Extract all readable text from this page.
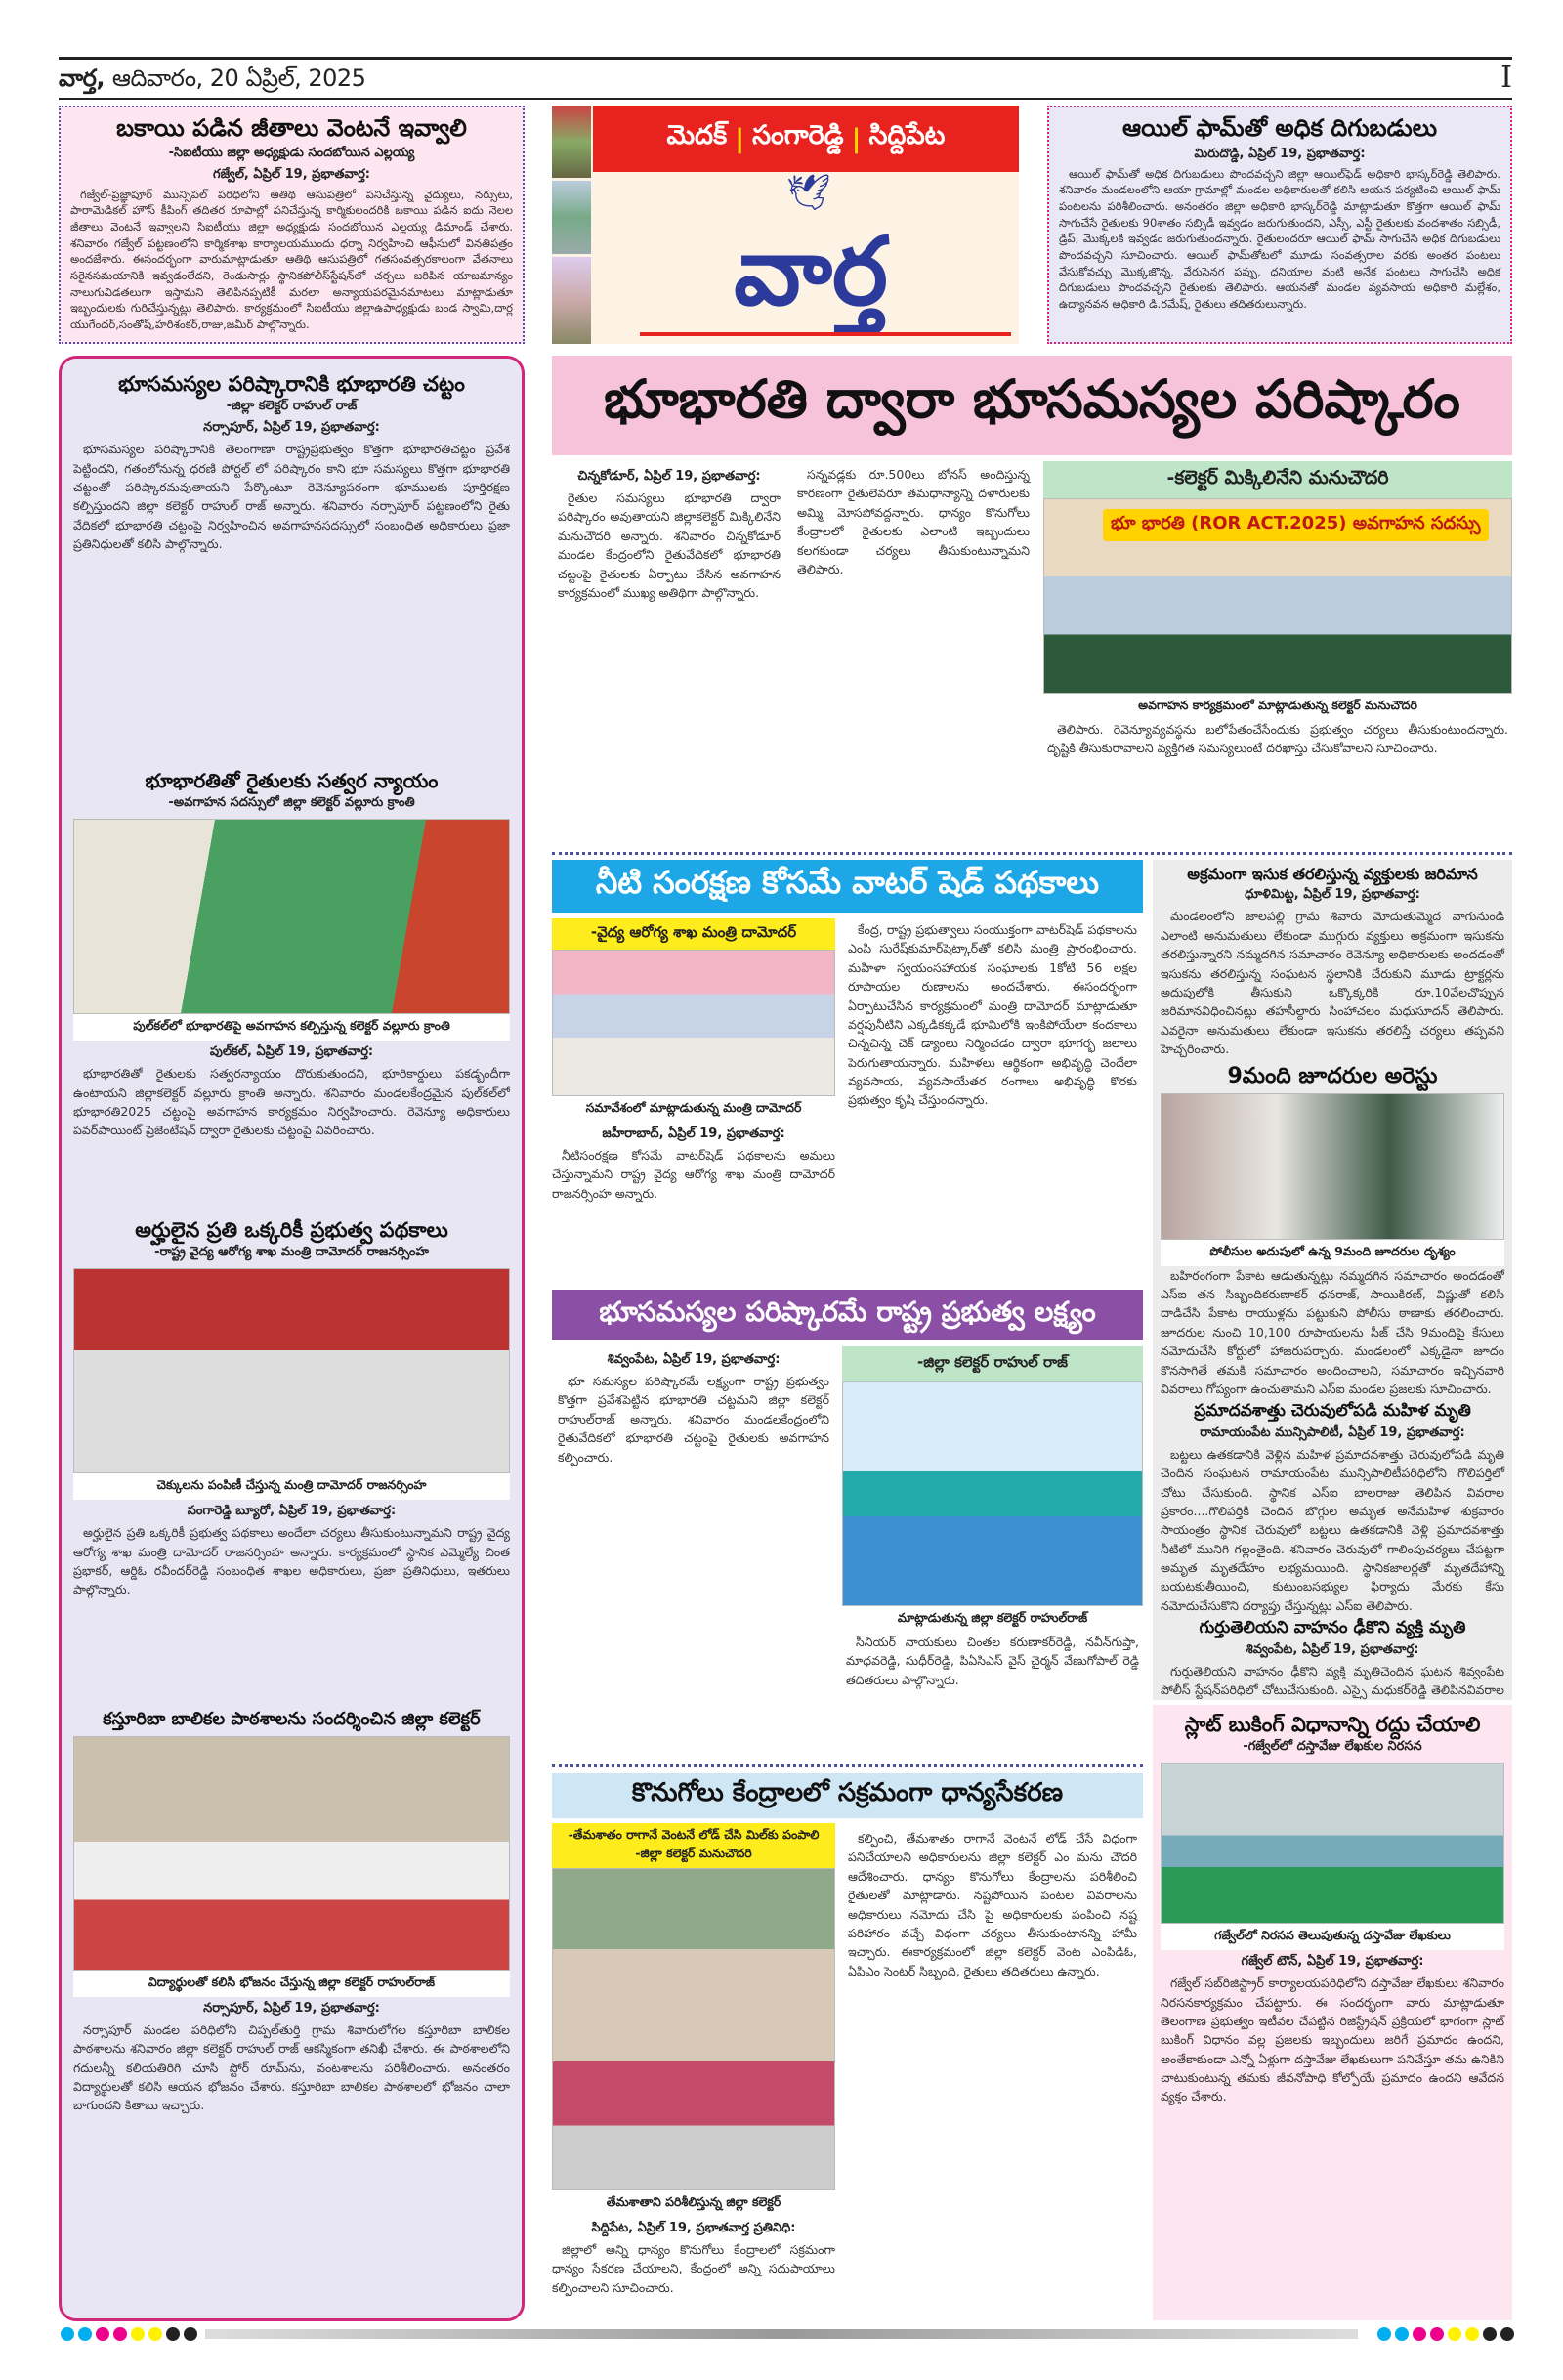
వార్త, ఆదివారం, 20 ఏప్రిల్, 2025	I
బకాయి పడిన జీతాలు వెంటనే ఇవ్వాలి
-సిఐటీయు జిల్లా అధ్యక్షుడు సందబోయిన ఎల్లయ్య
గజ్వేల్, ఏప్రిల్ 19, ప్రభాతవార్త:
గజ్వేల్-ప్రజ్ఞాపూర్ మున్సిపల్ పరిధిలోని ఆతిథి ఆసుపత్రిలో పనిచేస్తున్న వైద్యులు, నర్సులు, పారామెడికల్ హౌస్ కీపింగ్ తదితర రూపాల్లో పనిచేస్తున్న కార్మికులందరికి బకాయి పడిన ఐదు నెలల జీతాలు వెంటనే ఇవ్వాలని సిఐటీయు జిల్లా అధ్యక్షుడు సందబోయిన ఎల్లయ్య డిమాండ్ చేశారు. శనివారం గజ్వేల్ పట్టణంలోని కార్మికశాఖ కార్యాలయముందు ధర్నా నిర్వహించి ఆఫీసులో వినతిపత్రం అందజేశారు. ఈసందర్భంగా వారుమాట్లాడుతూ ఆతిథి ఆసుపత్రిలో గతసంవత్సరకాలంగా వేతనాలు సరైనసమయానికి ఇవ్వడంలేదని, రెండుసార్లు స్థానికపోలీస్‌స్టేషన్‌లో చర్చలు జరిపిన యాజమాన్యం నాలుగువిడతలుగా ఇస్తామని తెలిపినప్పటికీ మరలా అన్యాయపరమైనమాటలు మాట్లాడుతూ ఇబ్బందులకు గురిచేస్తున్నట్లు తెలిపారు. కార్యక్రమంలో సిఐటీయు జిల్లాఉపాధ్యక్షుడు బండ స్వామి,దార్ల యుగేందర్,సంతోష్,హరిశంకర్,రాజు,జమీర్ పాల్గొన్నారు.
మెదక్ | సంగారెడ్డి | సిద్దిపేట
🕊
వార్త
ఆయిల్ ఫామ్‌తో అధిక దిగుబడులు
మిరుదొడ్డి, ఏప్రిల్ 19, ప్రభాతవార్త:
ఆయిల్ ఫామ్‌తో అధిక దిగుబడులు పొందవచ్చని జిల్లా ఆయిల్‌ఫెడ్ అధికారి భాస్కర్‌రెడ్డి తెలిపారు. శనివారం మండలంలోని ఆయా గ్రామాల్లో మండల అధికారులతో కలిసి ఆయన పర్యటించి ఆయిల్ ఫామ్ పంటలను పరిశీలించారు. అనంతరం జిల్లా అధికారి భాస్కర్‌రెడ్డి మాట్లాడుతూ కొత్తగా ఆయిల్ ఫామ్ సాగుచేసే రైతులకు 90శాతం సబ్సిడీ ఇవ్వడం జరుగుతుందని, ఎస్సీ, ఎస్టీ రైతులకు వందశాతం సబ్సిడీ, డ్రిప్, మొక్కలకి ఇవ్వడం జరుగుతుందన్నారు. రైతులందరూ ఆయిల్ ఫామ్ సాగుచేసి అధిక దిగుబడులు పొందవచ్చని సూచించారు. ఆయిల్ ఫామ్‌తోటలో మూడు సంవత్సరాల వరకు అంతర పంటలు వేసుకోవచ్చు మొక్కజొన్న, వేరుసెనగ పప్పు, ధనియాల వంటి అనేక పంటలు సాగుచేసి అధిక దిగుబడులు పొందవచ్చని రైతులకు తెలిపారు. ఆయనతో మండల వ్యవసాయ అధికారి మల్లేశం, ఉద్యానవన అధికారి డి.రమేష్, రైతులు తదితరులున్నారు.
భూసమస్యల పరిష్కారానికి భూభారతి చట్టం
-జిల్లా కలెక్టర్ రాహుల్ రాజ్
నర్సాపూర్, ఏప్రిల్ 19, ప్రభాతవార్త:
భూసమస్యల పరిష్కారానికి తెలంగాణా రాష్ట్రప్రభుత్వం కొత్తగా భూభారతిచట్టం ప్రవేశ పెట్టిందని, గతంలోనున్న ధరణి పోర్టల్ లో పరిష్కారం కాని భూ సమస్యలు కొత్తగా భూభారతి చట్టంతో పరిష్కారమవుతాయని పేర్కొంటూ రెవెన్యూపరంగా భూములకు పూర్తిరక్షణ కల్పిస్తుందని జిల్లా కలెక్టర్ రాహుల్ రాజ్ అన్నారు. శనివారం నర్సాపూర్ పట్టణంలోని రైతు వేదికలో భూభారతి చట్టంపై నిర్వహించిన అవగాహనసదస్సులో సంబంధిత అధికారులు ప్రజా ప్రతినిధులతో కలిసి పాల్గొన్నారు.
భూభారతితో రైతులకు సత్వర న్యాయం
-అవగాహన సదస్సులో జిల్లా కలెక్టర్ వల్లూరు క్రాంతి
పుల్‌కల్‌లో భూభారతిపై అవగాహన కల్పిస్తున్న కలెక్టర్ వల్లూరు క్రాంతి
పుల్‌కల్, ఏప్రిల్ 19, ప్రభాతవార్త:
భూభారతితో రైతులకు సత్వరన్యాయం దొరుకుతుందని, భూరికార్డులు పకడ్బందీగా ఉంటాయని జిల్లాకలెక్టర్ వల్లూరు క్రాంతి అన్నారు. శనివారం మండలకేంద్రమైన పుల్‌కల్‌లో భూభారతి2025 చట్టంపై అవగాహన కార్యక్రమం నిర్వహించారు. రెవెన్యూ అధికారులు పవర్‌పాయింట్ ప్రెజెంటేషన్ ద్వారా రైతులకు చట్టంపై వివరించారు.
అర్హులైన ప్రతి ఒక్కరికీ ప్రభుత్వ పథకాలు
-రాష్ట్ర వైద్య ఆరోగ్య శాఖ మంత్రి దామోదర్ రాజనర్సింహ
చెక్కులను పంపిణీ చేస్తున్న మంత్రి దామోదర్ రాజనర్సింహ
సంగారెడ్డి బ్యూరో, ఏప్రిల్ 19, ప్రభాతవార్త:
అర్హులైన ప్రతి ఒక్కరికీ ప్రభుత్వ పథకాలు అందేలా చర్యలు తీసుకుంటున్నామని రాష్ట్ర వైద్య ఆరోగ్య శాఖ మంత్రి దామోదర్ రాజనర్సింహ అన్నారు. కార్యక్రమంలో స్థానిక ఎమ్మెల్యే చింత ప్రభాకర్, ఆర్డిఓ రవీందర్‌రెడ్డి సంబంధిత శాఖల అధికారులు, ప్రజా ప్రతినిధులు, ఇతరులు పాల్గొన్నారు.
కస్తూరిబా బాలికల పాఠశాలను సందర్శించిన జిల్లా కలెక్టర్
విద్యార్థులతో కలిసి భోజనం చేస్తున్న జిల్లా కలెక్టర్ రాహుల్‌రాజ్
నర్సాపూర్, ఏప్రిల్ 19, ప్రభాతవార్త:
నర్సాపూర్ మండల పరిధిలోని చిప్పల్‌తుర్తి గ్రామ శివారులోగల కస్తూరిబా బాలికల పాఠశాలను శనివారం జిల్లా కలెక్టర్ రాహుల్ రాజ్ ఆకస్మికంగా తనిఖీ చేశారు. ఈ పాఠశాలలోని గదులన్నీ కలియతిరిగి చూసి స్టోర్ రూమ్‌ను, వంటశాలను పరిశీలించారు. అనంతరం విద్యార్థులతో కలిసి ఆయన భోజనం చేశారు. కస్తూరిబా బాలికల పాఠశాలలో భోజనం చాలా బాగుందని కితాబు ఇచ్చారు.
భూభారతి ద్వారా భూసమస్యల పరిష్కారం
చిన్నకోడూర్, ఏప్రిల్ 19, ప్రభాతవార్త:
రైతుల సమస్యలు భూభారతి ద్వారా పరిష్కారం అవుతాయని జిల్లాకలెక్టర్ మిక్కిలినేని మనుచౌదరి అన్నారు. శనివారం చిన్నకోడూర్ మండల కేంద్రంలోని రైతువేదికలో భూభారతి చట్టంపై రైతులకు ఏర్పాటు చేసిన అవగాహన కార్యక్రమంలో ముఖ్య అతిథిగా పాల్గొన్నారు.
సన్నవడ్లకు రూ.500లు బోనస్ అందిస్తున్న కారణంగా రైతులెవరూ తమధాన్యాన్ని దళారులకు అమ్మి మోసపోవద్దన్నారు. ధాన్యం కొనుగోలు కేంద్రాలలో రైతులకు ఎలాంటి ఇబ్బందులు కలగకుండా చర్యలు తీసుకుంటున్నామని తెలిపారు.
-కలెక్టర్ మిక్కిలినేని మనుచౌదరి
భూ భారతి (ROR ACT.2025) అవగాహన సదస్సు
అవగాహన కార్యక్రమంలో మాట్లాడుతున్న కలెక్టర్ మనుచౌదరి
తెలిపారు. రెవెన్యూవ్యవస్థను బలోపేతంచేసేందుకు ప్రభుత్వం చర్యలు తీసుకుంటుందన్నారు. దృష్టికి తీసుకురావాలని వ్యక్తిగత సమస్యలుంటే దరఖాస్తు చేసుకోవాలని సూచించారు.
నీటి సంరక్షణ కోసమే వాటర్ షెడ్ పథకాలు
-వైద్య ఆరోగ్య శాఖ మంత్రి దామోదర్
సమావేశంలో మాట్లాడుతున్న మంత్రి దామోదర్
జహీరాబాద్, ఏప్రిల్ 19, ప్రభాతవార్త:
నీటిసంరక్షణ కోసమే వాటర్‌షెడ్ పథకాలను అమలు చేస్తున్నామని రాష్ట్ర వైద్య ఆరోగ్య శాఖ మంత్రి దామోదర్ రాజనర్సింహ అన్నారు.
కేంద్ర, రాష్ట్ర ప్రభుత్వాలు సంయుక్తంగా వాటర్‌షెడ్ పథకాలను ఎంపి సురేష్‌కుమార్‌షెట్కార్‌తో కలిసి మంత్రి ప్రారంభించారు. మహిళా స్వయంసహాయక సంఘాలకు 1కోటి 56 లక్షల రూపాయల రుణాలను అందచేశారు. ఈసందర్భంగా ఏర్పాటుచేసిన కార్యక్రమంలో మంత్రి దామోదర్ మాట్లాడుతూ వర్షపునీటిని ఎక్కడికక్కడే భూమిలోకి ఇంకిపోయేలా కందకాలు చిన్నచిన్న చెక్ డ్యాంలు నిర్మించడం ద్వారా భూగర్భ జలాలు పెరుగుతాయన్నారు. మహిళలు ఆర్థికంగా అభివృద్ధి చెందేలా వ్యవసాయ, వ్యవసాయేతర రంగాలు అభివృద్ధి కొరకు ప్రభుత్వం కృషి చేస్తుందన్నారు.
భూసమస్యల పరిష్కారమే రాష్ట్ర ప్రభుత్వ లక్ష్యం
శివ్వంపేట, ఏప్రిల్ 19, ప్రభాతవార్త:
భూ సమస్యల పరిష్కారమే లక్ష్యంగా రాష్ట్ర ప్రభుత్వం కొత్తగా ప్రవేశపెట్టిన భూభారతి చట్టమని జిల్లా కలెక్టర్ రాహుల్‌రాజ్ అన్నారు. శనివారం మండలకేంద్రంలోని రైతువేదికలో భూభారతి చట్టంపై రైతులకు అవగాహన కల్పించారు.
-జిల్లా కలెక్టర్ రాహుల్ రాజ్
మాట్లాడుతున్న జిల్లా కలెక్టర్ రాహుల్‌రాజ్
సీనియర్ నాయకులు చింతల కరుణాకర్‌రెడ్డి, నవీన్‌గుప్తా, మాధవరెడ్డి, సుధీర్‌రెడ్డి, పిఏసిఎస్ వైస్ చైర్మన్ వేణుగోపాల్ రెడ్డి తదితరులు పాల్గొన్నారు.
కొనుగోలు కేంద్రాలలో సక్రమంగా ధాన్యసేకరణ
-తేమశాతం రాగానే వెంటనే లోడ్ చేసి మిల్‌కు పంపాలి
-జిల్లా కలెక్టర్ మనుచౌదరి
తేమశాతాని పరిశీలిస్తున్న జిల్లా కలెక్టర్
సిద్దిపేట, ఏప్రిల్ 19, ప్రభాతవార్త ప్రతినిధి:
జిల్లాలో అన్ని ధాన్యం కొనుగోలు కేంద్రాలలో సక్రమంగా ధాన్యం సేకరణ చేయాలని, కేంద్రంలో అన్ని సదుపాయాలు కల్పించాలని సూచించారు.
కల్పించి, తేమశాతం రాగానే వెంటనే లోడ్ చేసే విధంగా పనిచేయాలని అధికారులను జిల్లా కలెక్టర్ ఎం మను చౌదరి ఆదేశించారు. ధాన్యం కొనుగోలు కేంద్రాలను పరిశీలించి రైతులతో మాట్లాడారు. నష్టపోయిన పంటల వివరాలను అధికారులు నమోదు చేసి పై అధికారులకు పంపించి నష్ట పరిహారం వచ్చే విధంగా చర్యలు తీసుకుంటానన్ని హామీ ఇచ్చారు. ఈకార్యక్రమంలో జిల్లా కలెక్టర్ వెంట ఎంపిడిఓ, ఏపిఎం సెంటర్ సిబ్బంది, రైతులు తదితరులు ఉన్నారు.
అక్రమంగా ఇసుక తరలిస్తున్న వ్యక్తులకు జరిమాన
ధూళిమిట్ట, ఏప్రిల్ 19, ప్రభాతవార్త:
మండలంలోని జాలపల్లి గ్రామ శివారు మోదుతుమ్మెద వాగునుండి ఎలాంటి అనుమతులు లేకుండా ముగ్గురు వ్యక్తులు అక్రమంగా ఇసుకను తరలిస్తున్నారని నమ్మదగిన సమాచారం రెవెన్యూ అధికారులకు అందడంతో ఇసుకను తరలిస్తున్న సంఘటన స్థలానికి చేరుకుని మూడు ట్రాక్టర్లను అదుపులోకి తీసుకుని ఒక్కొక్కరికి రూ.10వేలచొప్పున జరిమానవిధించినట్లు తహసీల్దారు సింహాచలం మధుసూదన్ తెలిపారు. ఎవరైనా అనుమతులు లేకుండా ఇసుకను తరలిస్తే చర్యలు తప్పవని హెచ్చరించారు.
9మంది జూదరుల అరెస్టు
పోలీసుల అదుపులో ఉన్న 9మంది జూదరుల దృశ్యం
బహిరంగంగా పేకాట ఆడుతున్నట్లు నమ్మదగిన సమాచారం అందడంతో ఎస్ఐ తన సిబ్బందికరుణాకర్ ధనరాజ్, సాయికిరణ్, విష్ణుతో కలిసి దాడిచేసి పేకాట రాయుళ్లను పట్టుకుని పోలీసు ఠాణాకు తరలించారు. జూదరుల నుంచి 10,100 రూపాయలను సీజ్ చేసి 9మందిపై కేసులు నమోదుచేసి కోర్టులో హాజరుపర్చారు. మండలంలో ఎక్కడైనా జూదం కొనసాగితే తమకి సమాచారం అందించాలని, సమాచారం ఇచ్చినవారి వివరాలు గోప్యంగా ఉంచుతామని ఎస్ఐ మండల ప్రజలకు సూచించారు.
ప్రమాదవశాత్తు చెరువులోపడి మహిళ మృతి
రామాయంపేట మున్సిపాలిటీ, ఏప్రిల్ 19, ప్రభాతవార్త:
బట్టలు ఉతకడానికి వెళ్లిన మహిళ ప్రమాదవశాత్తు చెరువులోపడి మృతి చెందిన సంఘటన రామాయంపేట మున్సిపాలిటీపరిధిలోని గొలిపర్తిలో చోటు చేసుకుంది. స్థానిక ఎస్ఐ బాలరాజు తెలిపిన వివరాల ప్రకారం....గొలిపర్తికి చెందిన బొగ్గుల అమృత అనేమహిళ శుక్రవారం సాయంత్రం స్థానిక చెరువులో బట్టలు ఉతకడానికి వెళ్లి ప్రమాదవశాత్తు నీటిలో మునిగి గల్లంతైంది. శనివారం చెరువులో గాలింపుచర్యలు చేపట్టగా అమృత మృతదేహం లభ్యమయింది. స్థానికజాలర్లతో మృతదేహాన్ని బయటకుతీయించి, కుటుంబసభ్యుల ఫిర్యాదు మేరకు కేసు నమోదుచేసుకొని దర్యాప్తు చేస్తున్నట్లు ఎస్ఐ తెలిపారు.
గుర్తుతెలియని వాహనం ఢీకొని వ్యక్తి మృతి
శివ్వంపేట, ఏప్రిల్ 19, ప్రభాతవార్త:
గుర్తుతెలియని వాహనం ఢీకొని వ్యక్తి మృతిచెందిన ఘటన శివ్వంపేట పోలీస్ స్టేషన్‌పరిధిలో చోటుచేసుకుంది. ఎస్సై మధుకర్‌రెడ్డి తెలిపినవివరాల
స్లాట్ బుకింగ్ విధానాన్ని రద్దు చేయాలి
-గజ్వేల్‌లో దస్తావేజు లేఖకుల నిరసన
గజ్వేల్‌లో నిరసన తెలుపుతున్న దస్తావేజు లేఖకులు
గజ్వేల్ టౌన్, ఏప్రిల్ 19, ప్రభాతవార్త:
గజ్వేల్ సబ్‌రిజిస్ట్రార్ కార్యాలయపరిధిలోని దస్తావేజు లేఖకులు శనివారం నిరసనకార్యక్రమం చేపట్టారు. ఈ సందర్భంగా వారు మాట్లాడుతూ తెలంగాణ ప్రభుత్వం ఇటీవల చేపట్టిన రిజిస్ట్రేషన్ ప్రక్రియలో భాగంగా స్లాట్ బుకింగ్ విధానం వల్ల ప్రజలకు ఇబ్బందులు జరిగే ప్రమాదం ఉందని, అంతేకాకుండా ఎన్నో ఏళ్లుగా దస్తావేజు లేఖకులుగా పనిచేస్తూ తమ ఉనికిని చాటుకుంటున్న తమకు జీవనోపాధి కోల్పోయే ప్రమాదం ఉందని ఆవేదన వ్యక్తం చేశారు.
